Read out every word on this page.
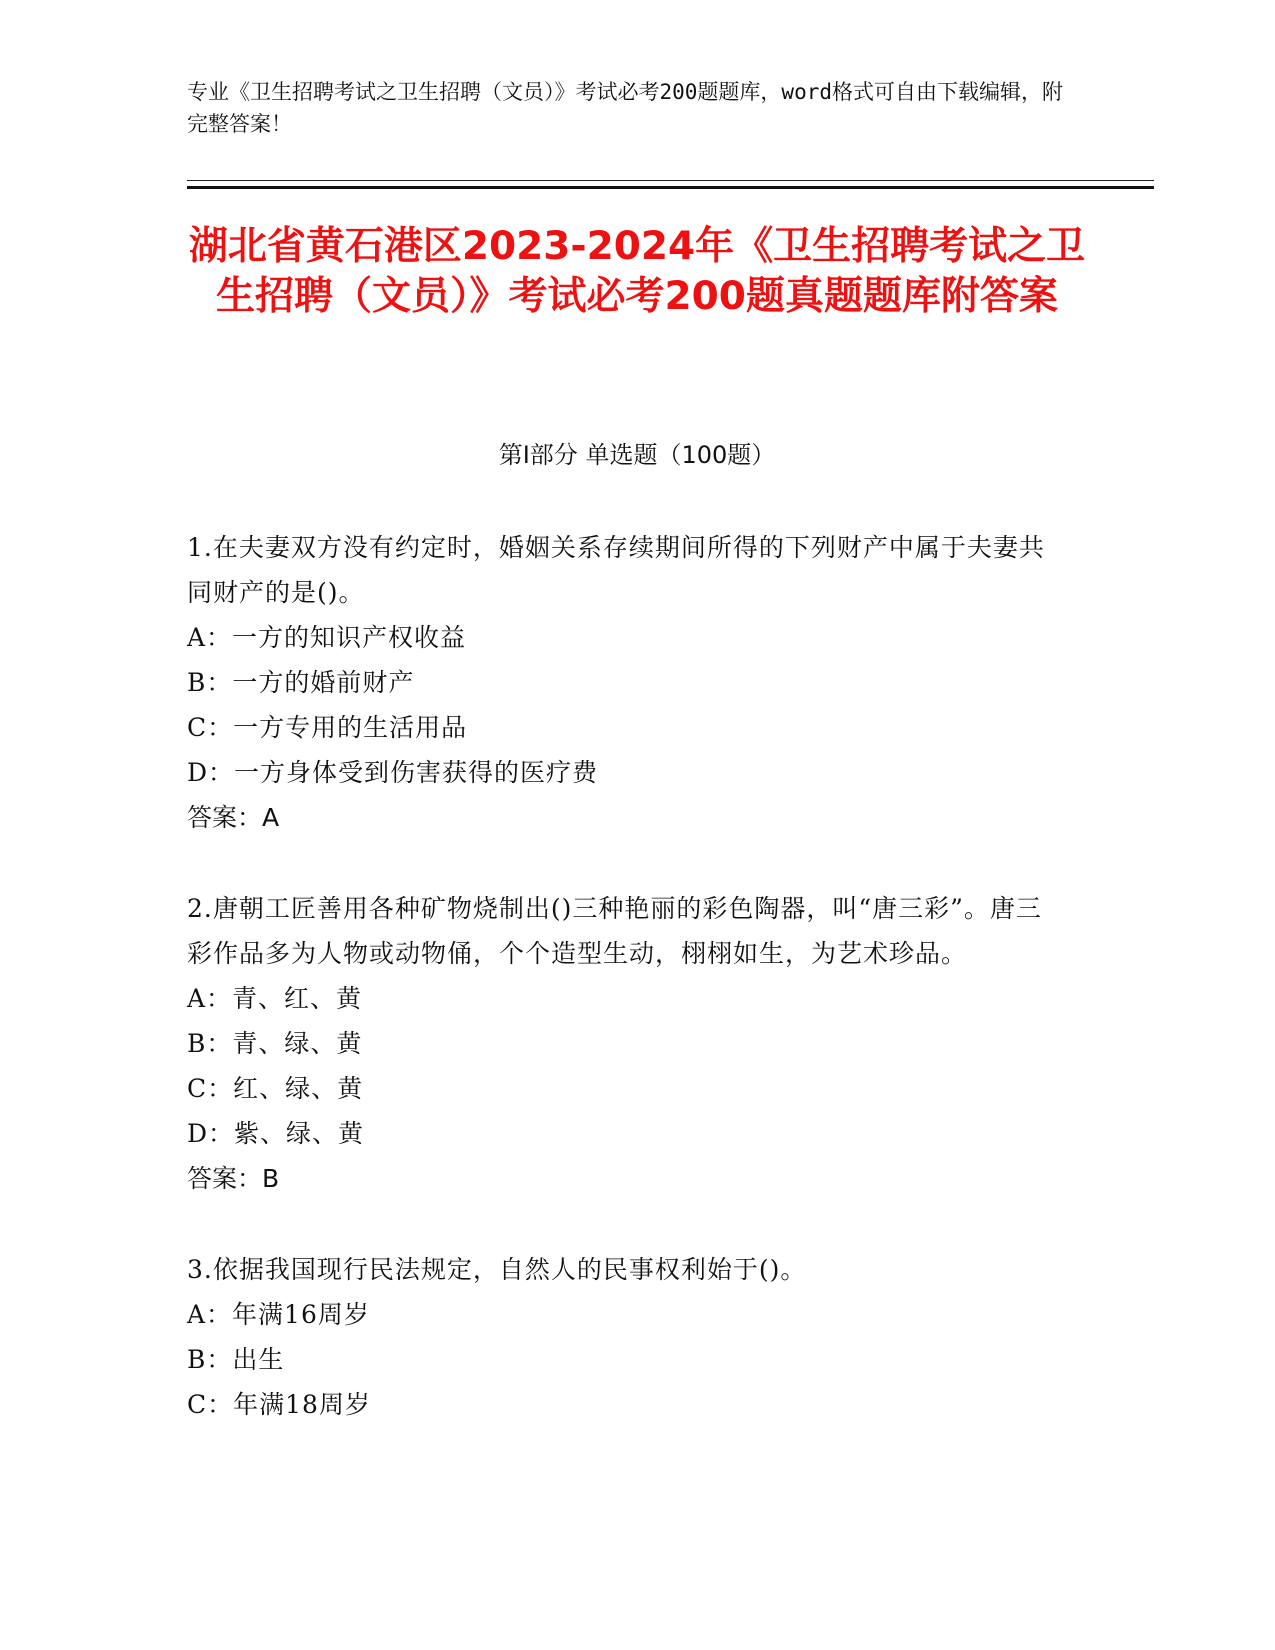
专业《卫生招聘考试之卫生招聘（文员）》考试必考200题题库，word格式可自由下载编辑，附完整答案！
湖北省黄石港区2023-2024年《卫生招聘考试之卫生招聘（文员）》考试必考200题真题题库附答案
第I部分 单选题（100题）
1.在夫妻双方没有约定时，婚姻关系存续期间所得的下列财产中属于夫妻共同财产的是()。
A：一方的知识产权收益
B：一方的婚前财产
C：一方专用的生活用品
D：一方身体受到伤害获得的医疗费
答案：A
2.唐朝工匠善用各种矿物烧制出()三种艳丽的彩色陶器，叫“唐三彩”。唐三彩作品多为人物或动物俑，个个造型生动，栩栩如生，为艺术珍品。
A：青、红、黄
B：青、绿、黄
C：红、绿、黄
D：紫、绿、黄
答案：B
3.依据我国现行民法规定，自然人的民事权利始于()。
A：年满16周岁
B：出生
C：年满18周岁
